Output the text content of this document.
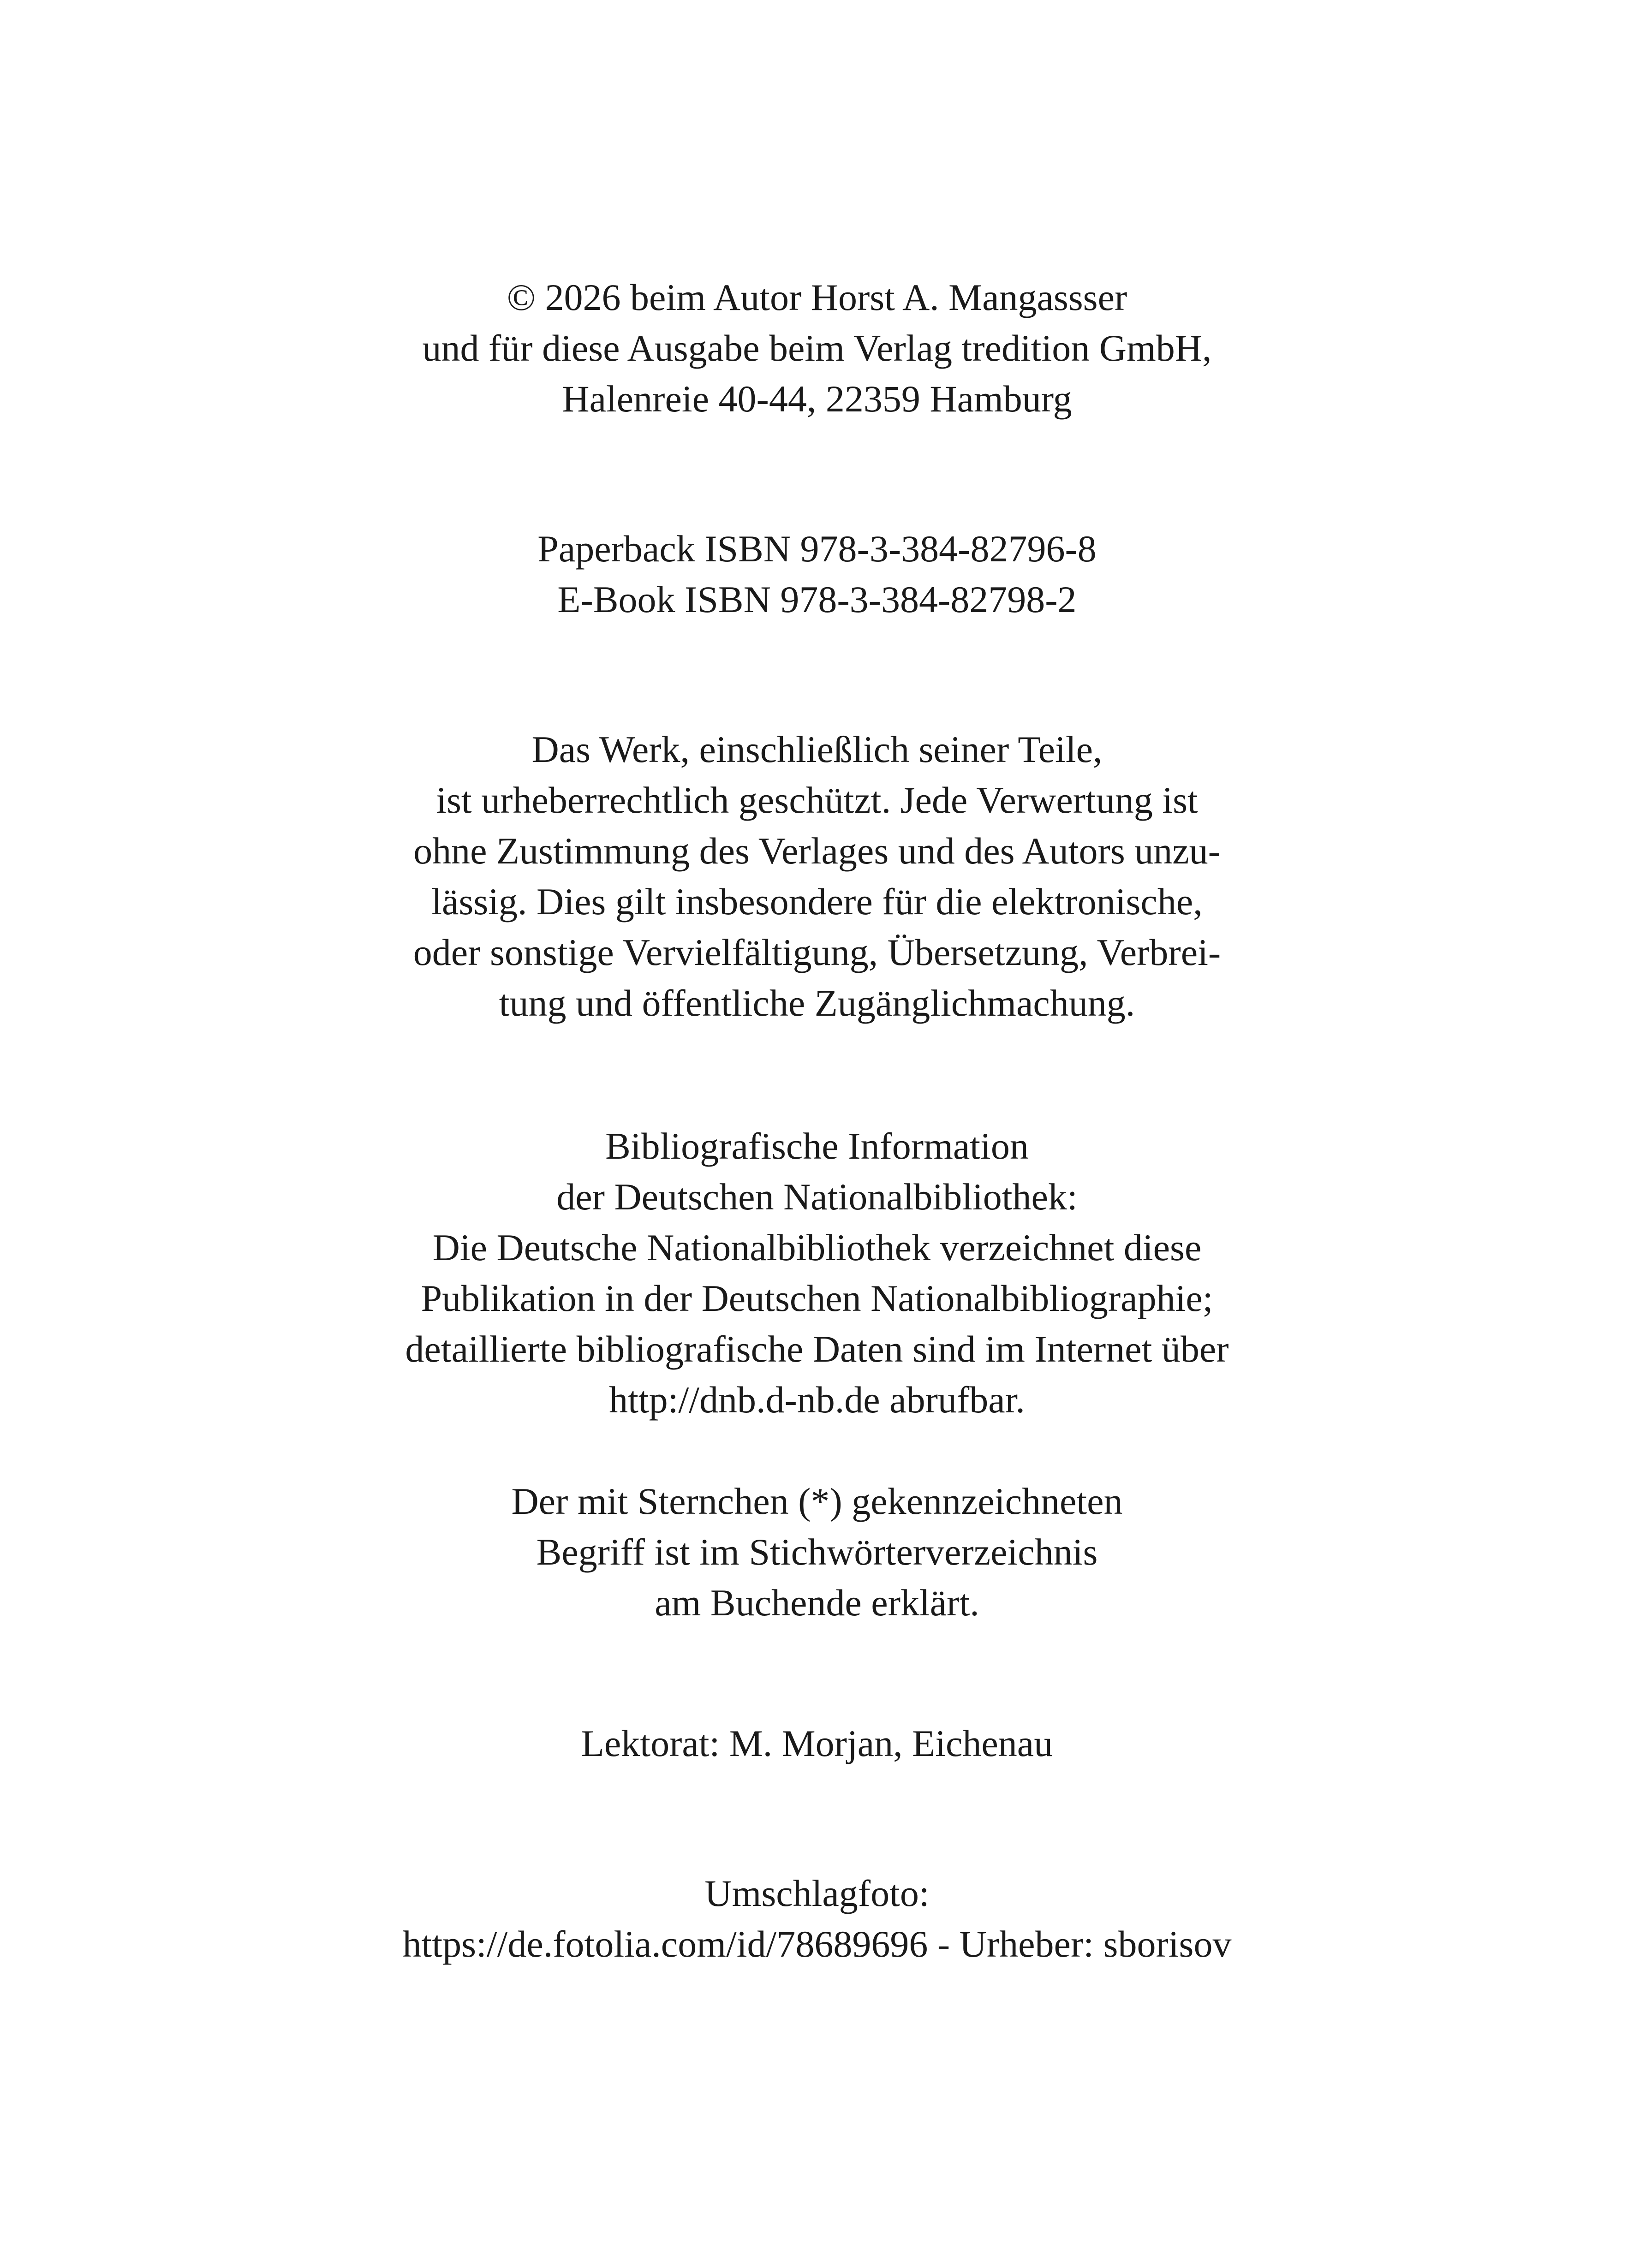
© 2026 beim Autor Horst A. Mangassser
und für diese Ausgabe beim Verlag tredition GmbH,
Halenreie 40-44, 22359 Hamburg
Paperback ISBN 978-3-384-82796-8
E-Book ISBN 978-3-384-82798-2
Das Werk, einschließlich seiner Teile,
ist urheberrechtlich geschützt. Jede Verwertung ist
ohne Zustimmung des Verlages und des Autors unzu-
lässig. Dies gilt insbesondere für die elektronische,
oder sonstige Vervielfältigung, Übersetzung, Verbrei-
tung und öffentliche Zugänglichmachung.
Bibliografische Information
der Deutschen Nationalbibliothek:
Die Deutsche Nationalbibliothek verzeichnet diese
Publikation in der Deutschen Nationalbibliographie;
detaillierte bibliografische Daten sind im Internet über
http://dnb.d-nb.de abrufbar.
Der mit Sternchen (*) gekennzeichneten
Begriff ist im Stichwörterverzeichnis
am Buchende erklärt.
Lektorat: M. Morjan, Eichenau
Umschlagfoto:
https://de.fotolia.com/id/78689696 - Urheber: sborisov
